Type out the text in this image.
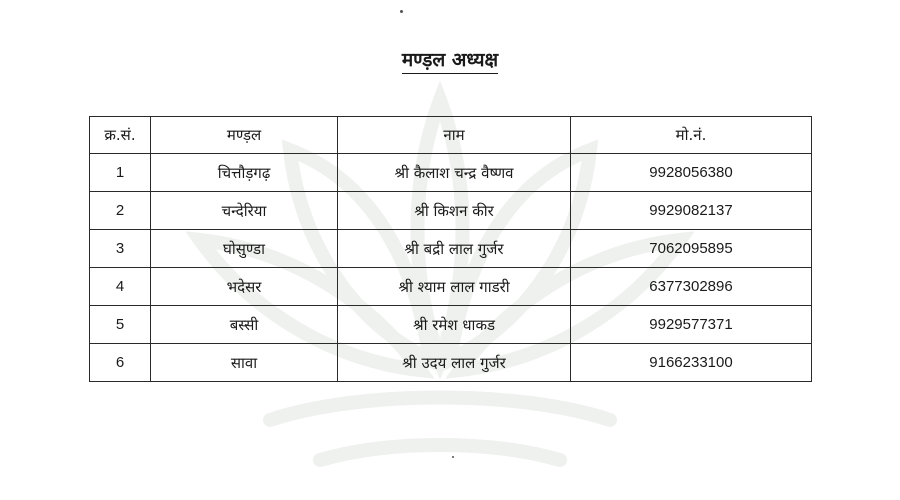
मण्ड़ल अध्यक्ष
क्र.सं.	मण्ड़ल	नाम	मो.नं.
1	चित्तौड़गढ़	श्री कैलाश चन्द्र वैष्णव	9928056380
2	चन्देरिया	श्री किशन कीर	9929082137
3	घोसुण्डा	श्री बद्री लाल गुर्जर	7062095895
4	भदेसर	श्री श्याम लाल गाडरी	6377302896
5	बस्सी	श्री रमेश धाकड	9929577371
6	सावा	श्री उदय लाल गुर्जर	9166233100
